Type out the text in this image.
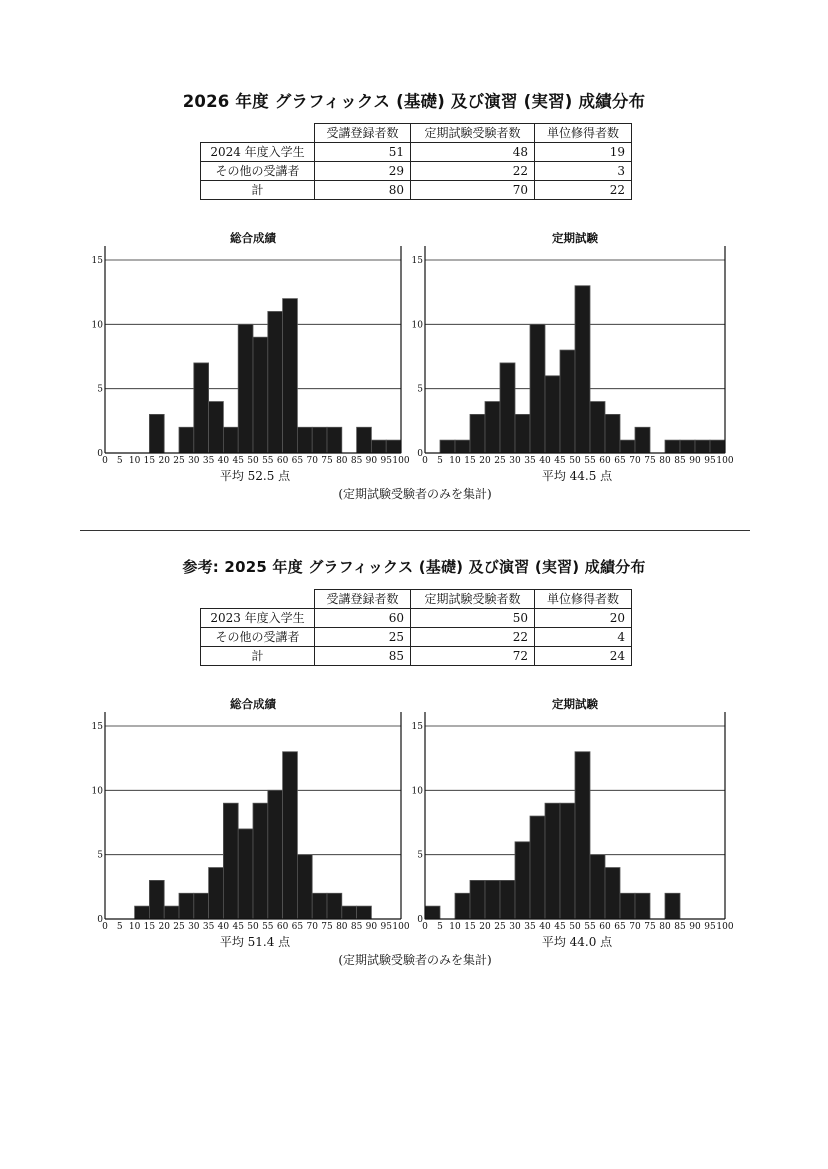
2026 年度 グラフィックス (基礎) 及び演習 (実習) 成績分布
	受講登録者数	定期試験受験者数	単位修得者数
2024 年度入学生	51	48	19
その他の受講者	29	22	3
計	80	70	22
参考: 2025 年度 グラフィックス (基礎) 及び演習 (実習) 成績分布
	受講登録者数	定期試験受験者数	単位修得者数
2023 年度入学生	60	50	20
その他の受講者	25	22	4
計	85	72	24
総合成績
0
5
10
15
0 5 10 15 20 25 30 35 40 45 50 55 60 65 70 75 80 85 90 95 100
平均 52.5 点
定期試験
0
5
10
15
0 5 10 15 20 25 30 35 40 45 50 55 60 65 70 75 80 85 90 95 100
平均 44.5 点
総合成績
0
5
10
15
0 5 10 15 20 25 30 35 40 45 50 55 60 65 70 75 80 85 90 95 100
平均 51.4 点
定期試験
0
5
10
15
0 5 10 15 20 25 30 35 40 45 50 55 60 65 70 75 80 85 90 95 100
平均 44.0 点
(定期試験受験者のみを集計)
(定期試験受験者のみを集計)
